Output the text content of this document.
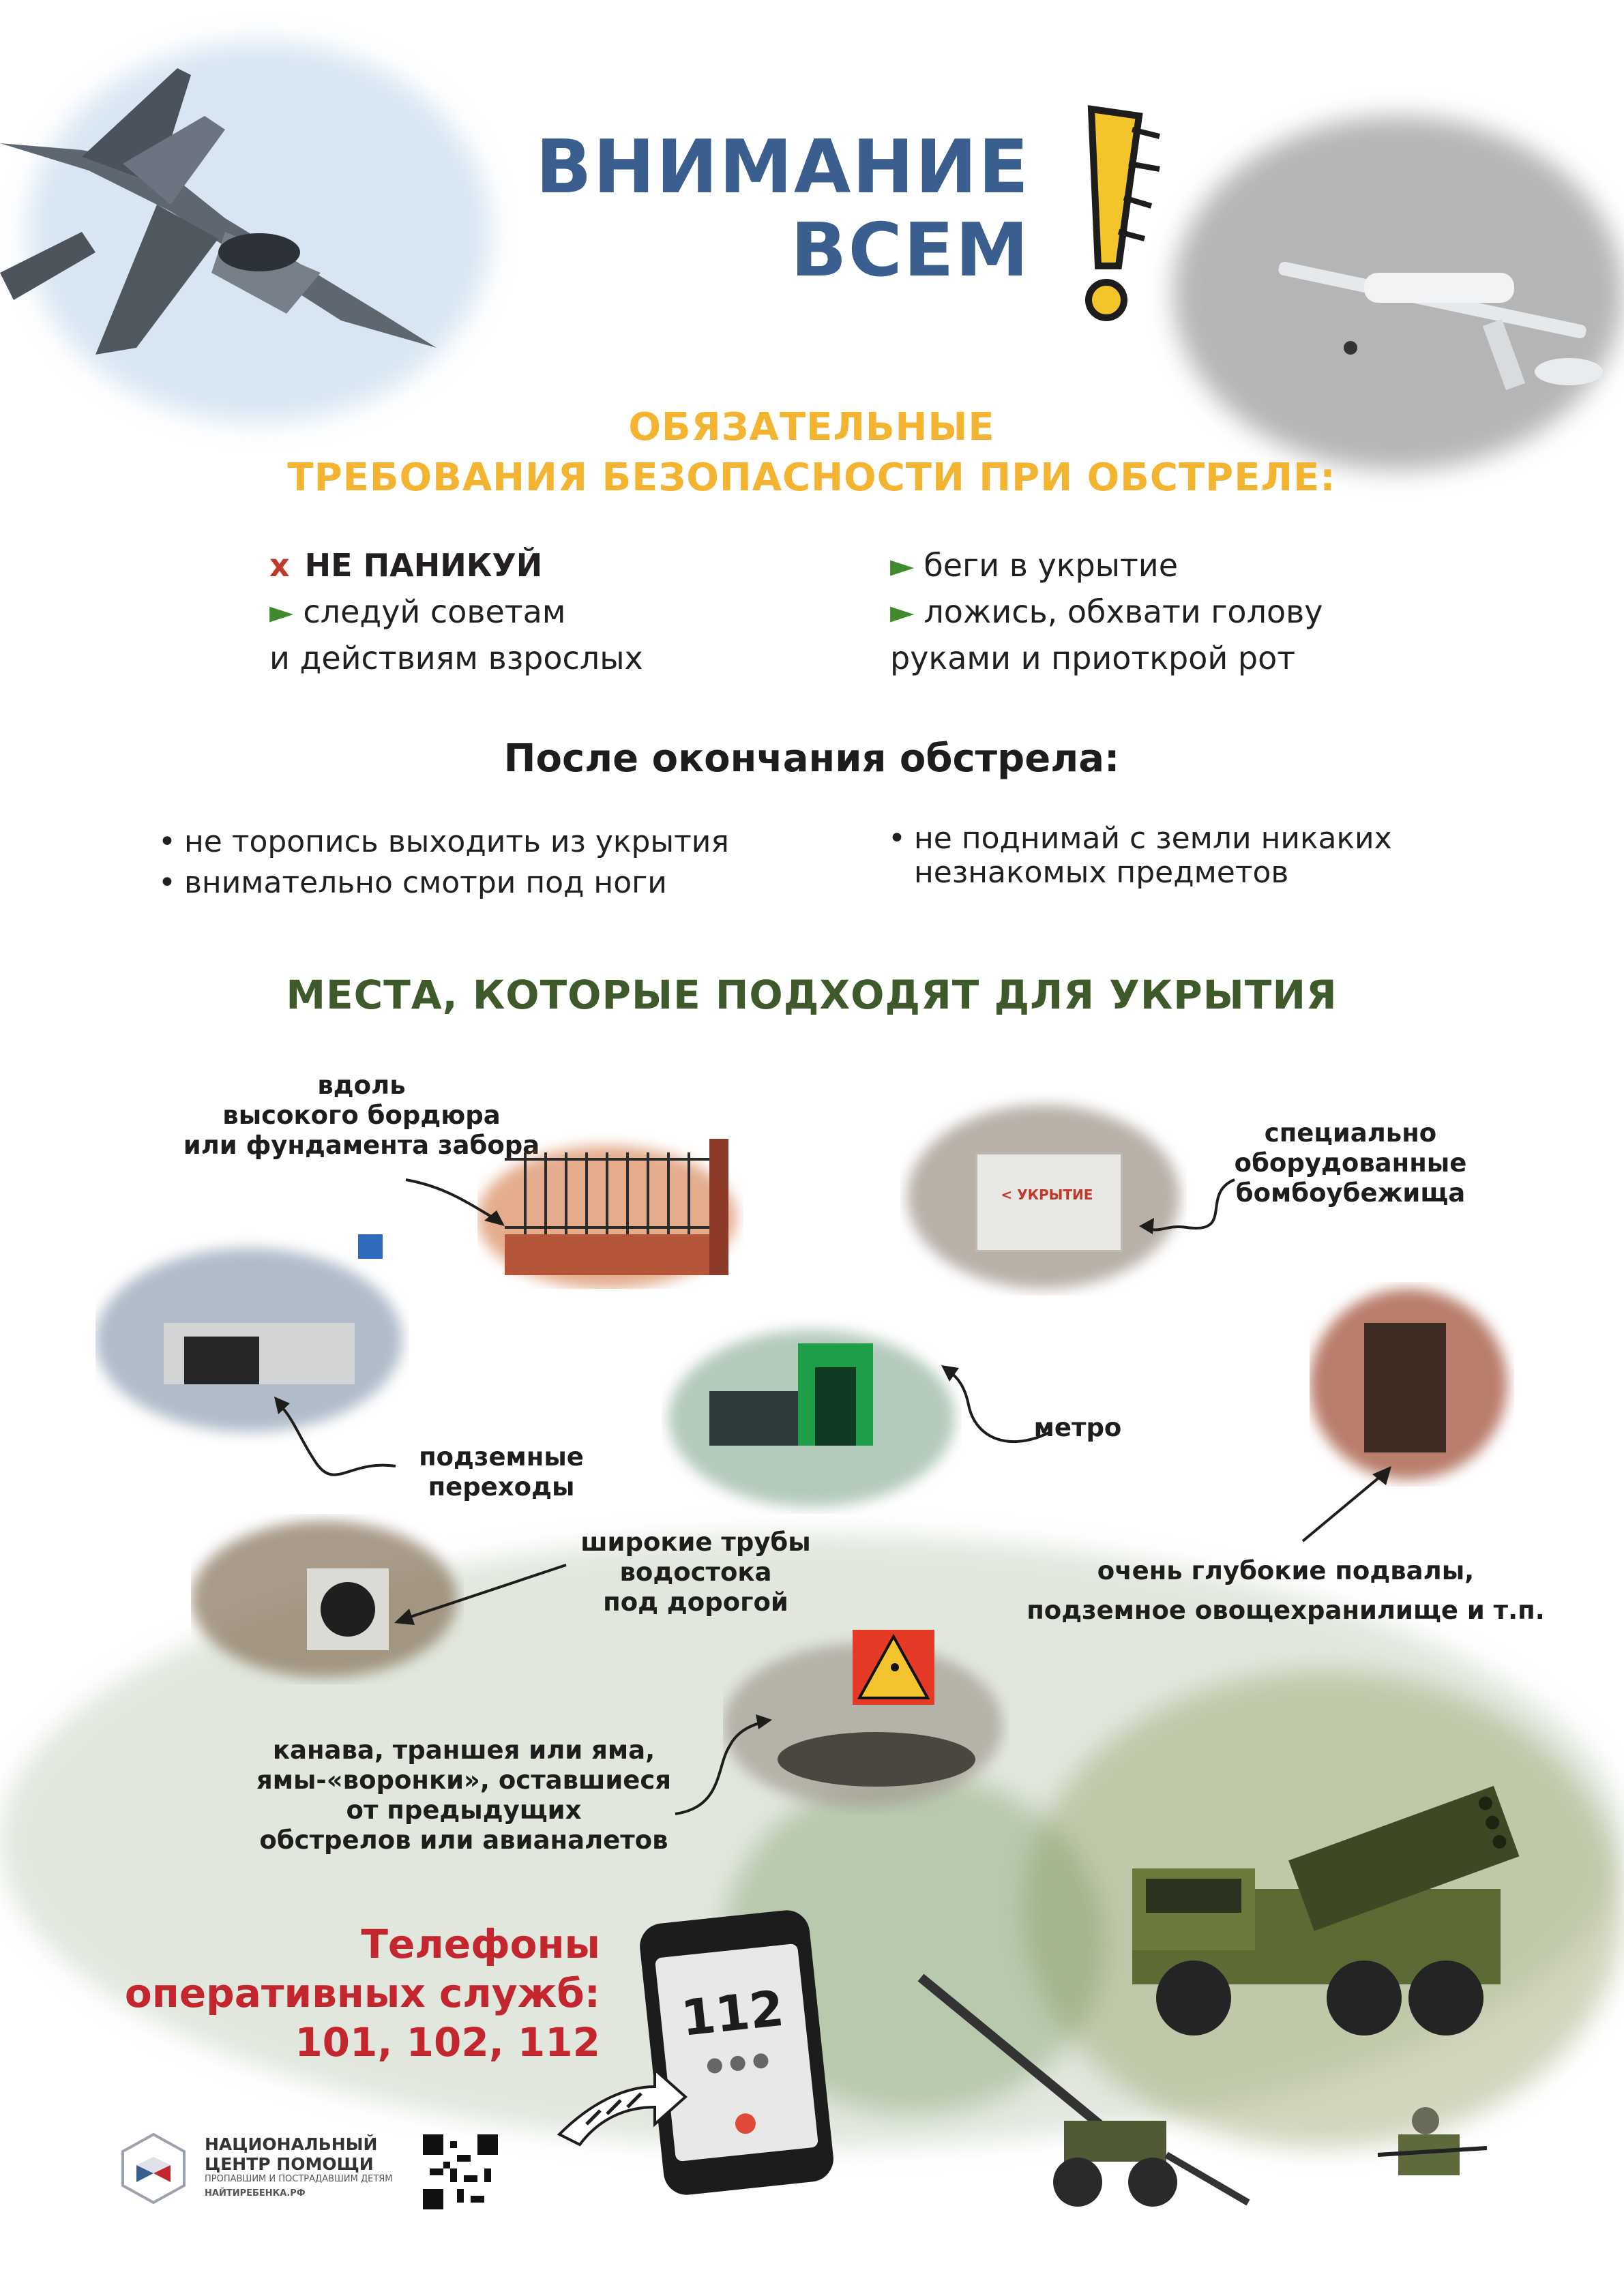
ВНИМАНИЕ
ВСЕМ
ОБЯЗАТЕЛЬНЫЕ
ТРЕБОВАНИЯ БЕЗОПАСНОСТИ ПРИ ОБСТРЕЛЕ:
x НЕ ПАНИКУЙ
► следуй советам
и действиям взрослых
► беги в укрытие
► ложись, обхвати голову
руками и приоткрой рот
После окончания обстрела:
• не торопись выходить из укрытия
• внимательно смотри под ноги
• не поднимай с земли никаких
незнакомых предметов
МЕСТА, КОТОРЫЕ ПОДХОДЯТ ДЛЯ УКРЫТИЯ
вдоль
высокого бордюра
или фундамента забора
< УКРЫТИЕ
специально
оборудованные
бомбоубежища
подземные
переходы
метро
очень глубокие подвалы,
подземное овощехранилище и т.п.
широкие трубы
водостока
под дорогой
канава, траншея или яма,
ямы-«воронки», оставшиеся
от предыдущих
обстрелов или авианалетов
Телефоны
оперативных служб:
101, 102, 112 112
НАЦИОНАЛЬНЫЙ
ЦЕНТР ПОМОЩИ
ПРОПАВШИМ И ПОСТРАДАВШИМ ДЕТЯМ
НАЙТИРЕБЕНКА.РФ
